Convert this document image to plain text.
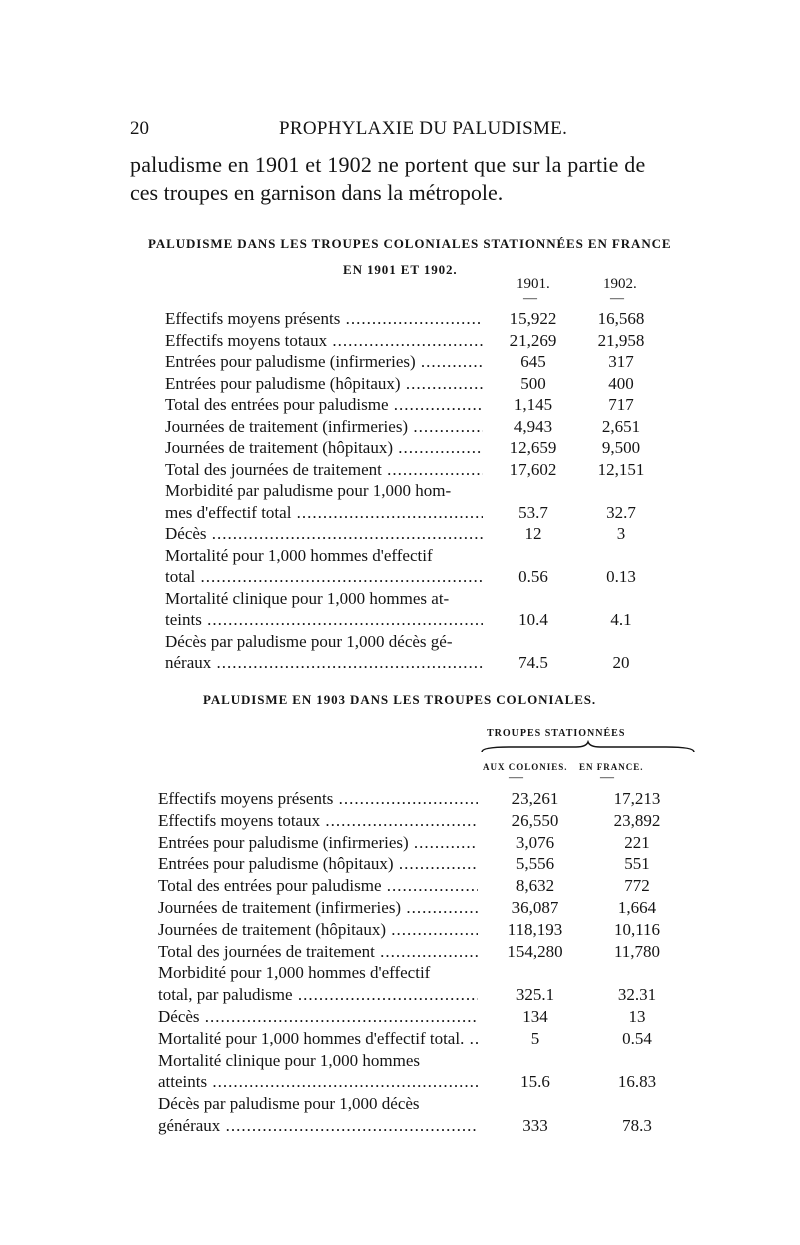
20	PROPHYLAXIE DU PALUDISME.
paludisme en 1901 et 1902 ne portent que sur la partie de
ces troupes en garnison dans la métropole.
PALUDISME DANS LES TROUPES COLONIALES STATIONNÉES EN FRANCE
EN 1901 ET 1902.
1901.	1902.
—	—
Effectifs moyens présents .....	15,922	16,568
Effectifs moyens totaux .....	21,269	21,958
Entrées pour paludisme (infirmeries) .....	645	317
Entrées pour paludisme (hôpitaux) .....	500	400
Total des entrées pour paludisme .....	1,145	717
Journées de traitement (infirmeries) .....	4,943	2,651
Journées de traitement (hôpitaux) .....	12,659	9,500
Total des journées de traitement .....	17,602	12,151
Morbidité par paludisme pour 1,000 hom-
mes d'effectif total .....	53.7	32.7
Décès .....	12	3
Mortalité pour 1,000 hommes d'effectif
total .....	0.56	0.13
Mortalité clinique pour 1,000 hommes at-
teints .....	10.4	4.1
Décès par paludisme pour 1,000 décès gé-
néraux .....	74.5	20
PALUDISME EN 1903 DANS LES TROUPES COLONIALES.
TROUPES STATIONNÉES
AUX COLONIES. EN FRANCE.
—	—
Effectifs moyens présents .....	23,261	17,213
Effectifs moyens totaux .....	26,550	23,892
Entrées pour paludisme (infirmeries) .....	3,076	221
Entrées pour paludisme (hôpitaux) .....	5,556	551
Total des entrées pour paludisme .....	8,632	772
Journées de traitement (infirmeries) .....	36,087	1,664
Journées de traitement (hôpitaux) .....	118,193	10,116
Total des journées de traitement .....	154,280	11,780
Morbidité pour 1,000 hommes d'effectif
total, par paludisme .....	325.1	32.31
Décès .....	134	13
Mortalité pour 1,000 hommes d'effectif total. .....	5	0.54
Mortalité clinique pour 1,000 hommes
atteints .....	15.6	16.83
Décès par paludisme pour 1,000 décès
généraux .....	333	78.3
